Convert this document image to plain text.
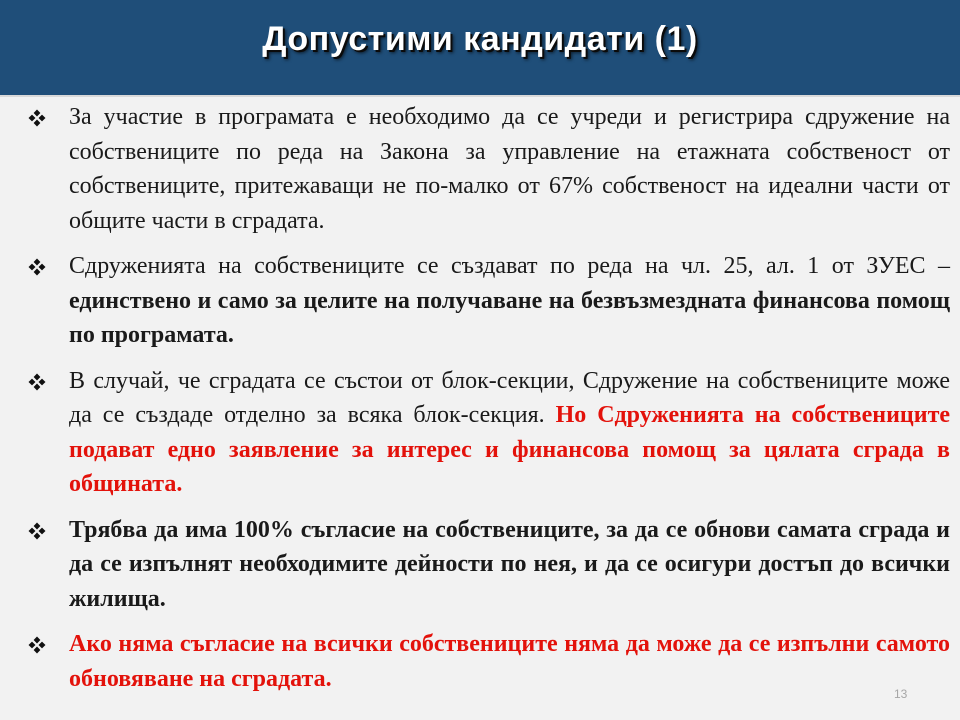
Допустими кандидати (1)
За участие в програмата е необходимо да се учреди и регистрира сдружение на собствениците по реда на Закона за управление на етажната собственост от собствениците, притежаващи не по-малко от 67% собственост на идеални части от общите части в сградата.
Сдруженията на собствениците се създават по реда на чл. 25, ал. 1 от ЗУЕС – единствено и само за целите на получаване на безвъзмездната финансова помощ по програмата.
В случай, че сградата се състои от блок-секции, Сдружение на собствениците може да се създаде отделно за всяка блок-секция. Но Сдруженията на собствениците подават едно заявление за интерес и финансова помощ за цялата сграда в общината.
Трябва да има 100% съгласие на собствениците, за да се обнови самата сграда и да се изпълнят необходимите дейности по нея, и да се осигури достъп до всички жилища.
Ако няма съгласие на всички собствениците няма да може да се изпълни самото обновяване на сградата.
13
